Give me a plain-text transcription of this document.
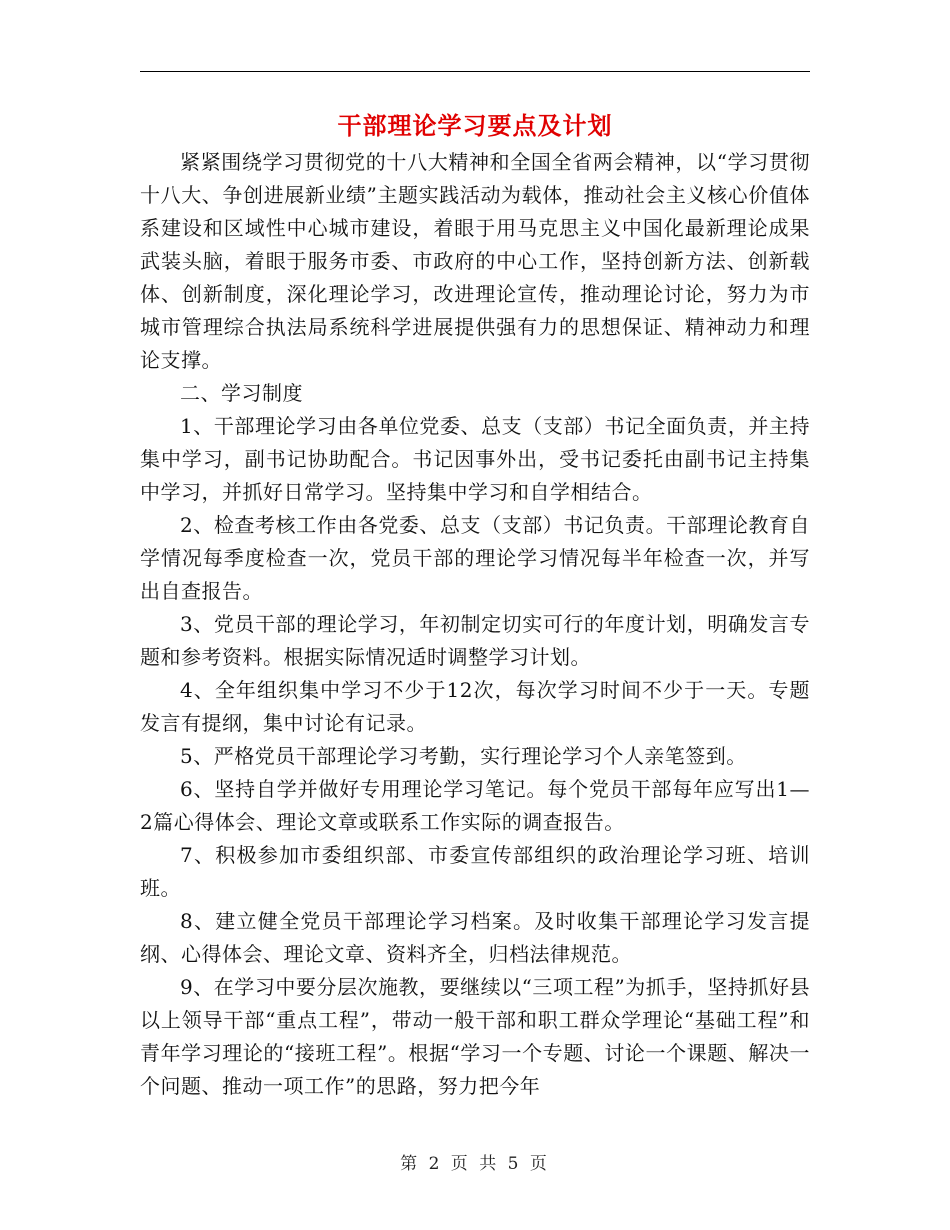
干部理论学习要点及计划

紧紧围绕学习贯彻党的十八大精神和全国全省两会精神，以“学习贯彻十八大、争创进展新业绩”主题实践活动为载体，推动社会主义核心价值体系建设和区域性中心城市建设，着眼于用马克思主义中国化最新理论成果武装头脑，着眼于服务市委、市政府的中心工作，坚持创新方法、创新载体、创新制度，深化理论学习，改进理论宣传，推动理论讨论，努力为市城市管理综合执法局系统科学进展提供强有力的思想保证、精神动力和理论支撑。

二、学习制度

1、干部理论学习由各单位党委、总支（支部）书记全面负责，并主持集中学习，副书记协助配合。书记因事外出，受书记委托由副书记主持集中学习，并抓好日常学习。坚持集中学习和自学相结合。

2、检查考核工作由各党委、总支（支部）书记负责。干部理论教育自学情况每季度检查一次，党员干部的理论学习情况每半年检查一次，并写出自查报告。

3、党员干部的理论学习，年初制定切实可行的年度计划，明确发言专题和参考资料。根据实际情况适时调整学习计划。

4、全年组织集中学习不少于12次，每次学习时间不少于一天。专题发言有提纲，集中讨论有记录。

5、严格党员干部理论学习考勤，实行理论学习个人亲笔签到。

6、坚持自学并做好专用理论学习笔记。每个党员干部每年应写出1—2篇心得体会、理论文章或联系工作实际的调查报告。

7、积极参加市委组织部、市委宣传部组织的政治理论学习班、培训班。

8、建立健全党员干部理论学习档案。及时收集干部理论学习发言提纲、心得体会、理论文章、资料齐全，归档法律规范。

9、在学习中要分层次施教，要继续以“三项工程”为抓手，坚持抓好县以上领导干部“重点工程”，带动一般干部和职工群众学理论“基础工程”和青年学习理论的“接班工程”。根据“学习一个专题、讨论一个课题、解决一个问题、推动一项工作”的思路，努力把今年

第 2 页 共 5 页
